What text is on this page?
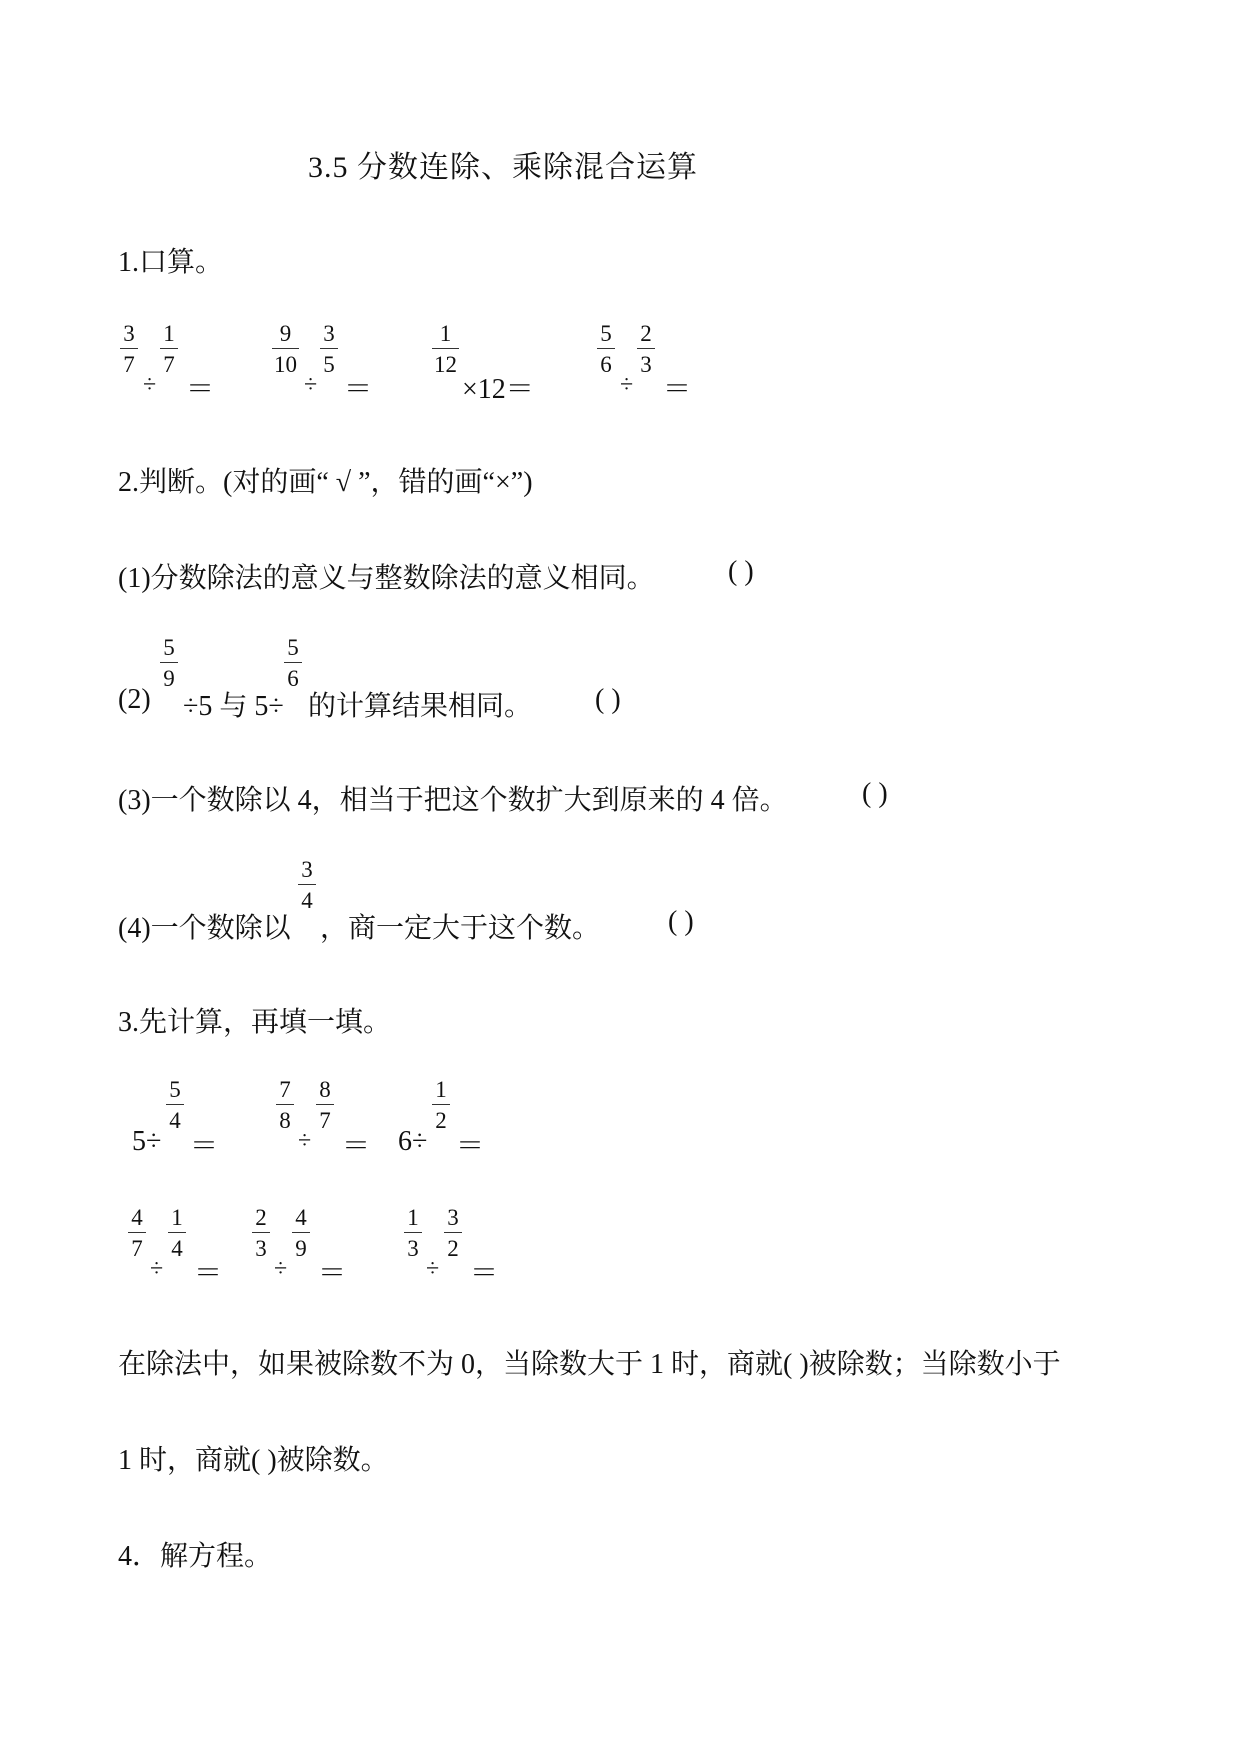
3.5 分数连除、乘除混合运算
1.口算。
3
7
÷
1
7
＝
9
10
÷
3
5
＝
1
12
×12＝
5
6
÷
2
3
＝
2.判断。(对的画“ √ ”，错的画“×”)
(1)分数除法的意义与整数除法的意义相同。	( )
(2)
5
9
÷5 与 5÷
5
6
的计算结果相同。 ( )
(3)一个数除以 4，相当于把这个数扩大到原来的 4 倍。	( )
(4)一个数除以
3
4
，商一定大于这个数。 ( )
3.先计算，再填一填。
5÷
5
4
＝
7
8
÷
8
7
＝ 6÷
1
2
＝
4
7
÷
1
4
＝
2
3
÷
4
9
＝
1
3
÷
3
2
＝
在除法中，如果被除数不为 0，当除数大于 1 时，商就( )被除数；当除数小于
1 时，商就( )被除数。
4．解方程。
